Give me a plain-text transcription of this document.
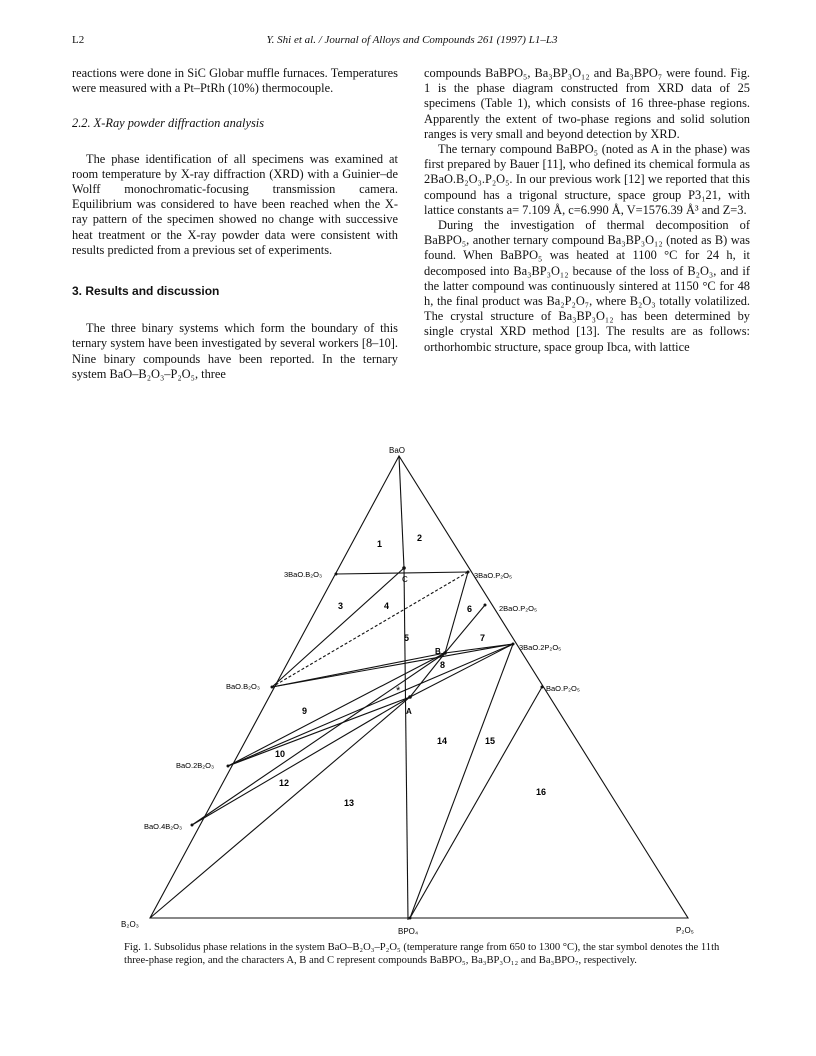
L2	Y. Shi et al. / Journal of Alloys and Compounds 261 (1997) L1–L3

reactions were done in SiC Globar muffle furnaces. Temperatures were measured with a Pt–PtRh (10%) thermocouple.

2.2. X-Ray powder diffraction analysis

The phase identification of all specimens was examined at room temperature by X-ray diffraction (XRD) with a Guinier–de Wolff monochromatic-focusing transmission camera. Equilibrium was considered to have been reached when the X-ray pattern of the specimen showed no change with successive heat treatment or the X-ray powder data were consistent with results predicted from a previous set of experiments.

3. Results and discussion

The three binary systems which form the boundary of this ternary system have been investigated by several workers [8–10]. Nine binary compounds have been reported. In the ternary system BaO–B₂O₃–P₂O₅, three

compounds BaBPO₅, Ba₃BP₃O₁₂ and Ba₃BPO₇ were found. Fig. 1 is the phase diagram constructed from XRD data of 25 specimens (Table 1), which consists of 16 three-phase regions. Apparently the extent of two-phase regions and solid solution ranges is very small and beyond detection by XRD.

The ternary compound BaBPO₅ (noted as A in the phase) was first prepared by Bauer [11], who defined its chemical formula as 2BaO.B₂O₃.P₂O₅. In our previous work [12] we reported that this compound has a trigonal structure, space group P3₁21, with lattice constants a= 7.109 Å, c=6.990 Å, V=1576.39 Å³ and Z=3.

During the investigation of thermal decomposition of BaBPO₅, another ternary compound Ba₃BP₃O₁₂ (noted as B) was found. When BaBPO₅ was heated at 1100 °C for 24 h, it decomposed into Ba₃BP₃O₁₂ because of the loss of B₂O₃, and if the latter compound was continuously sintered at 1150 °C for 48 h, the final product was Ba₂P₂O₇, where B₂O₃ totally volatilized. The crystal structure of Ba₃BP₃O₁₂ has been determined by single crystal XRD method [13]. The results are as follows: orthorhombic structure, space group Ibca, with lattice

BaO
B₂O₃
P₂O₅
3BaO.B₂O₃
BaO.B₂O₃
BaO.2B₂O₃
BaO.4B₂O₃
3BaO.P₂O₅
2BaO.P₂O₅
3BaO.2P₂O₅
BaO.P₂O₅
BPO₄
C
B
A
*
1
2
3	4
5
6
7
8
9
10
12
13
14	15
16
Fig. 1. Subsolidus phase relations in the system BaO–B₂O₃–P₂O₅ (temperature range from 650 to 1300 °C), the star symbol denotes the 11th three-phase region, and the characters A, B and C represent compounds BaBPO₅, Ba₃BP₃O₁₂ and Ba₃BPO₇, respectively.
